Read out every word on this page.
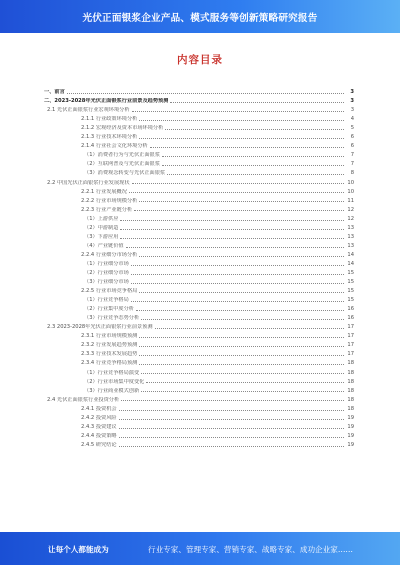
光伏正面银浆企业产品、模式服务等创新策略研究报告
内容目录
一、前言	3
二、2023-2028年光伏正面银浆行业前景及趋势预测	3
2.1 光伏正面银浆行业宏观环境分析	3
2.1.1 行业政策环境分析	4
2.1.2 宏观经济及资本市场环境分析	5
2.1.3 行业技术环境分析	6
2.1.4 行业社会文化环境分析	6
（1）消费者行为与光伏正面银浆	7
（2）互联网普及与光伏正面银浆	7
（3）消费观念转变与光伏正面银浆	8
2.2 中国光伏正面银浆行业发展现状	10
2.2.1 行业发展概况	10
2.2.2 行业市场规模分析	11
2.2.3 行业产业链分析	12
（1）上游供应	12
（2）中游制造	13
（3）下游应用	13
（4）产业链价值	13
2.2.4 行业细分市场分析	14
（1）行业细分市场	14
（2）行业细分市场	15
（3）行业细分市场	15
2.2.5 行业市场竞争格局	15
（1）行业竞争格局	15
（2）行业集中度分析	16
（3）行业竞争态势分析	16
2.3 2023-2028年光伏正面银浆行业前景预测	17
2.3.1 行业市场规模预测	17
2.3.2 行业发展趋势预测	17
2.3.3 行业技术发展趋势	17
2.3.4 行业竞争格局预测	18
（1）行业竞争格局演变	18
（2）行业市场集中度变化	18
（3）行业商业模式创新	18
2.4 光伏正面银浆行业投资分析	18
2.4.1 投资机会	18
2.4.2 投资风险	19
2.4.3 投资建议	19
2.4.4 投资策略	19
2.4.5 研究结论	19
让每个人都能成为	行业专家、管理专家、营销专家、战略专家、成功企业家……
